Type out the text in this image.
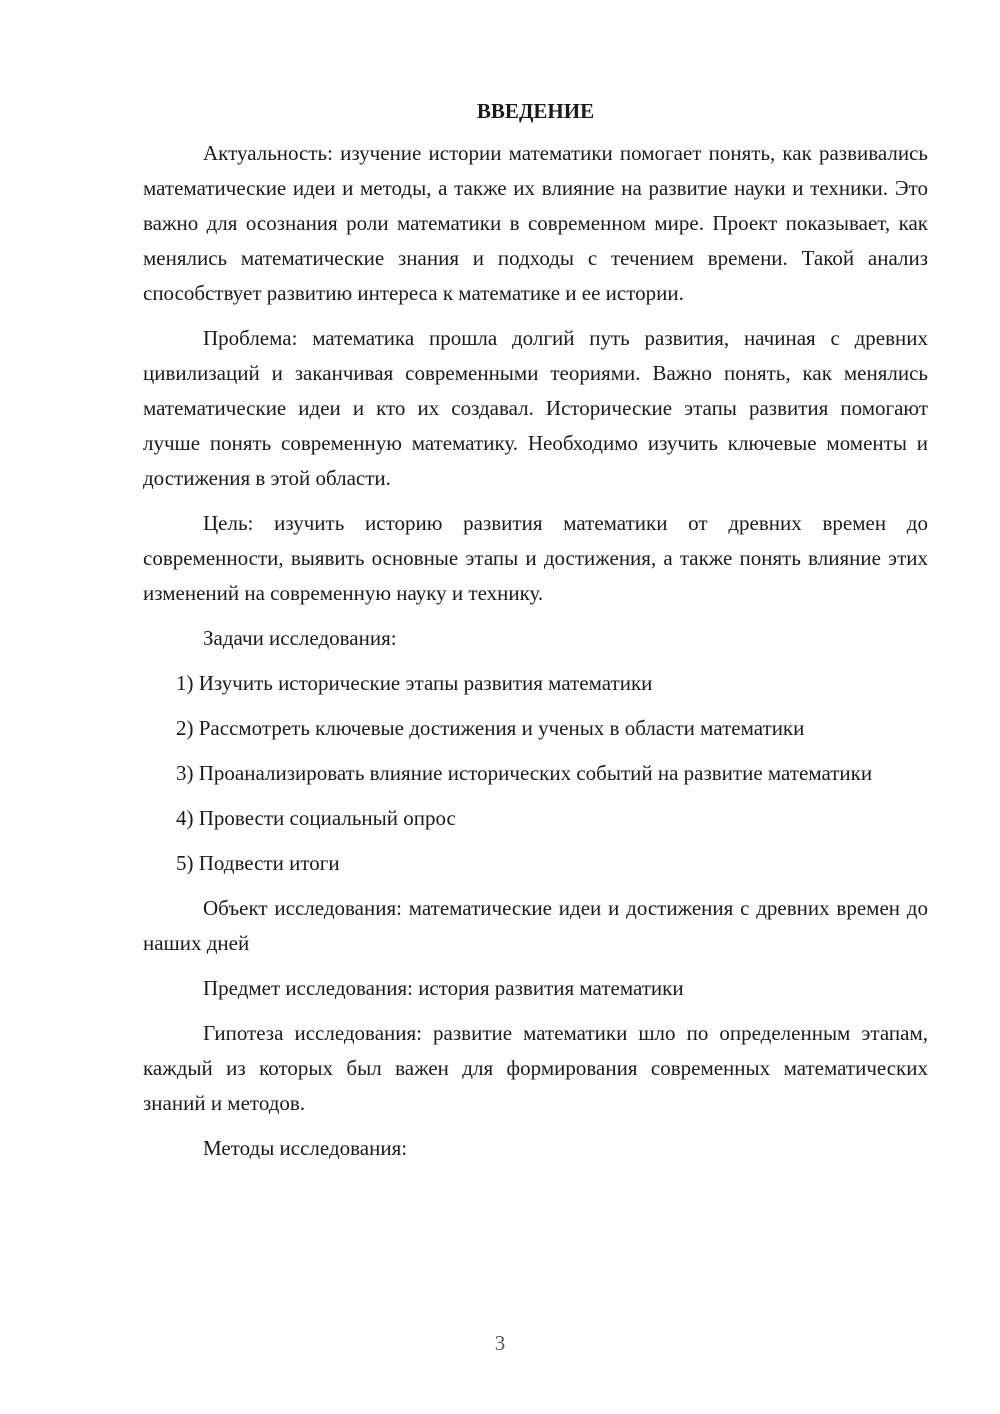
ВВЕДЕНИЕ

Актуальность: изучение истории математики помогает понять, как развивались математические идеи и методы, а также их влияние на развитие науки и техники. Это важно для осознания роли математики в современном мире. Проект показывает, как менялись математические знания и подходы с течением времени. Такой анализ способствует развитию интереса к математике и ее истории.

Проблема: математика прошла долгий путь развития, начиная с древних цивилизаций и заканчивая современными теориями. Важно понять, как менялись математические идеи и кто их создавал. Исторические этапы развития помогают лучше понять современную математику. Необходимо изучить ключевые моменты и достижения в этой области.

Цель: изучить историю развития математики от древних времен до современности, выявить основные этапы и достижения, а также понять влияние этих изменений на современную науку и технику.

Задачи исследования:

1) Изучить исторические этапы развития математики

2) Рассмотреть ключевые достижения и ученых в области математики

3) Проанализировать влияние исторических событий на развитие математики

4) Провести социальный опрос

5) Подвести итоги

Объект исследования: математические идеи и достижения с древних времен до наших дней

Предмет исследования: история развития математики

Гипотеза исследования: развитие математики шло по определенным этапам, каждый из которых был важен для формирования современных математических знаний и методов.

Методы исследования:

3
